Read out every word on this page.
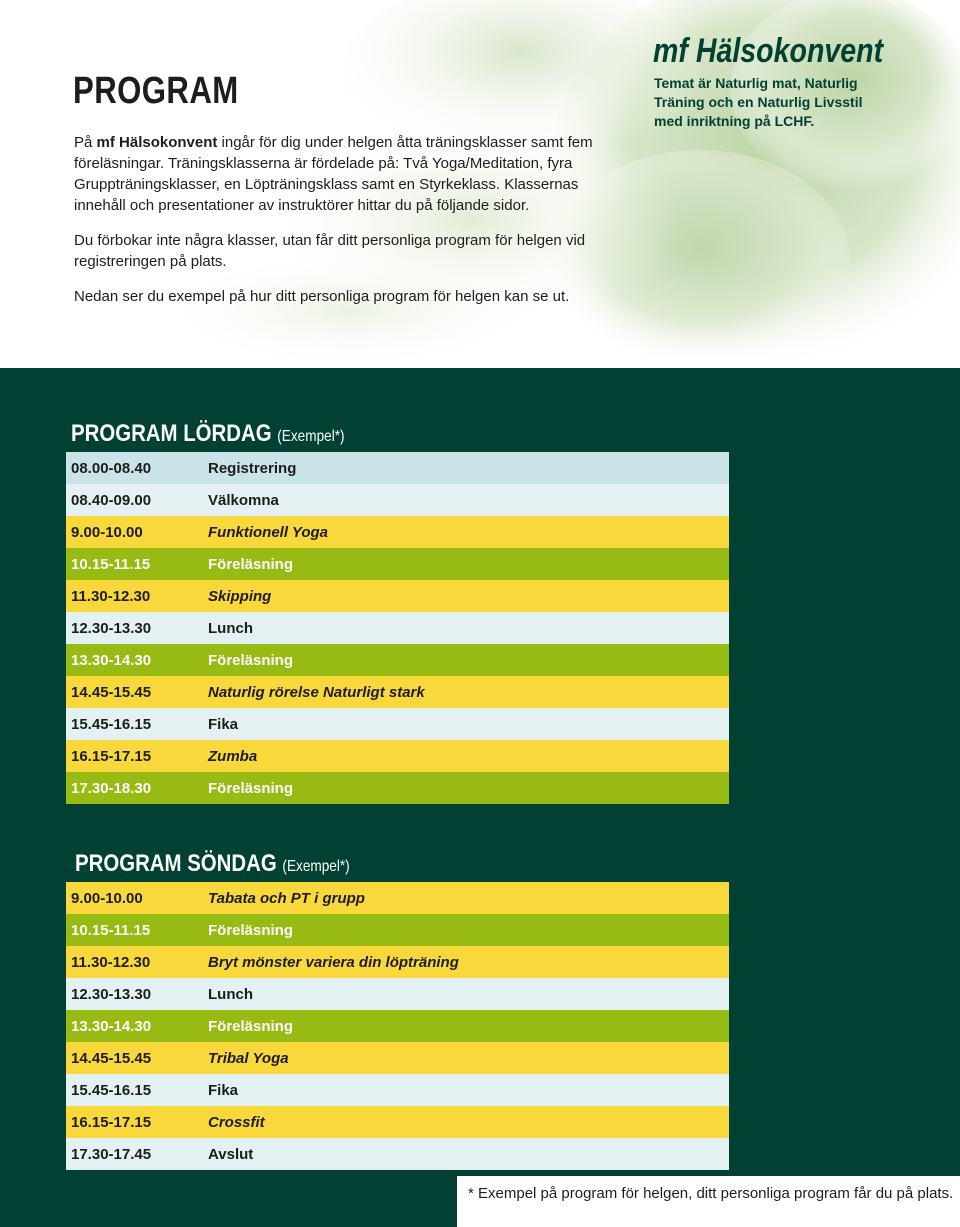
PROGRAM

På mf Hälsokonvent ingår för dig under helgen åtta träningsklasser samt fem föreläsningar. Träningsklasserna är fördelade på: Två Yoga/Meditation, fyra Gruppträningsklasser, en Löpträningsklass samt en Styrkeklass. Klassernas innehåll och presentationer av instruktörer hittar du på följande sidor.

Du förbokar inte några klasser, utan får ditt personliga program för helgen vid registreringen på plats.

Nedan ser du exempel på hur ditt personliga program för helgen kan se ut.

mf Hälsokonvent

Temat är Naturlig mat, Naturlig Träning och en Naturlig Livsstil med inriktning på LCHF.

PROGRAM LÖRDAG (Exempel*)
08.00-08.40	Registrering
08.40-09.00	Välkomna
9.00-10.00	Funktionell Yoga
10.15-11.15	Föreläsning
11.30-12.30	Skipping
12.30-13.30	Lunch
13.30-14.30	Föreläsning
14.45-15.45	Naturlig rörelse Naturligt stark
15.45-16.15	Fika
16.15-17.15	Zumba
17.30-18.30	Föreläsning
PROGRAM SÖNDAG (Exempel*)
9.00-10.00	Tabata och PT i grupp
10.15-11.15	Föreläsning
11.30-12.30	Bryt mönster variera din löpträning
12.30-13.30	Lunch
13.30-14.30	Föreläsning
14.45-15.45	Tribal Yoga
15.45-16.15	Fika
16.15-17.15	Crossfit
17.30-17.45	Avslut

* Exempel på program för helgen, ditt personliga program får du på plats.
